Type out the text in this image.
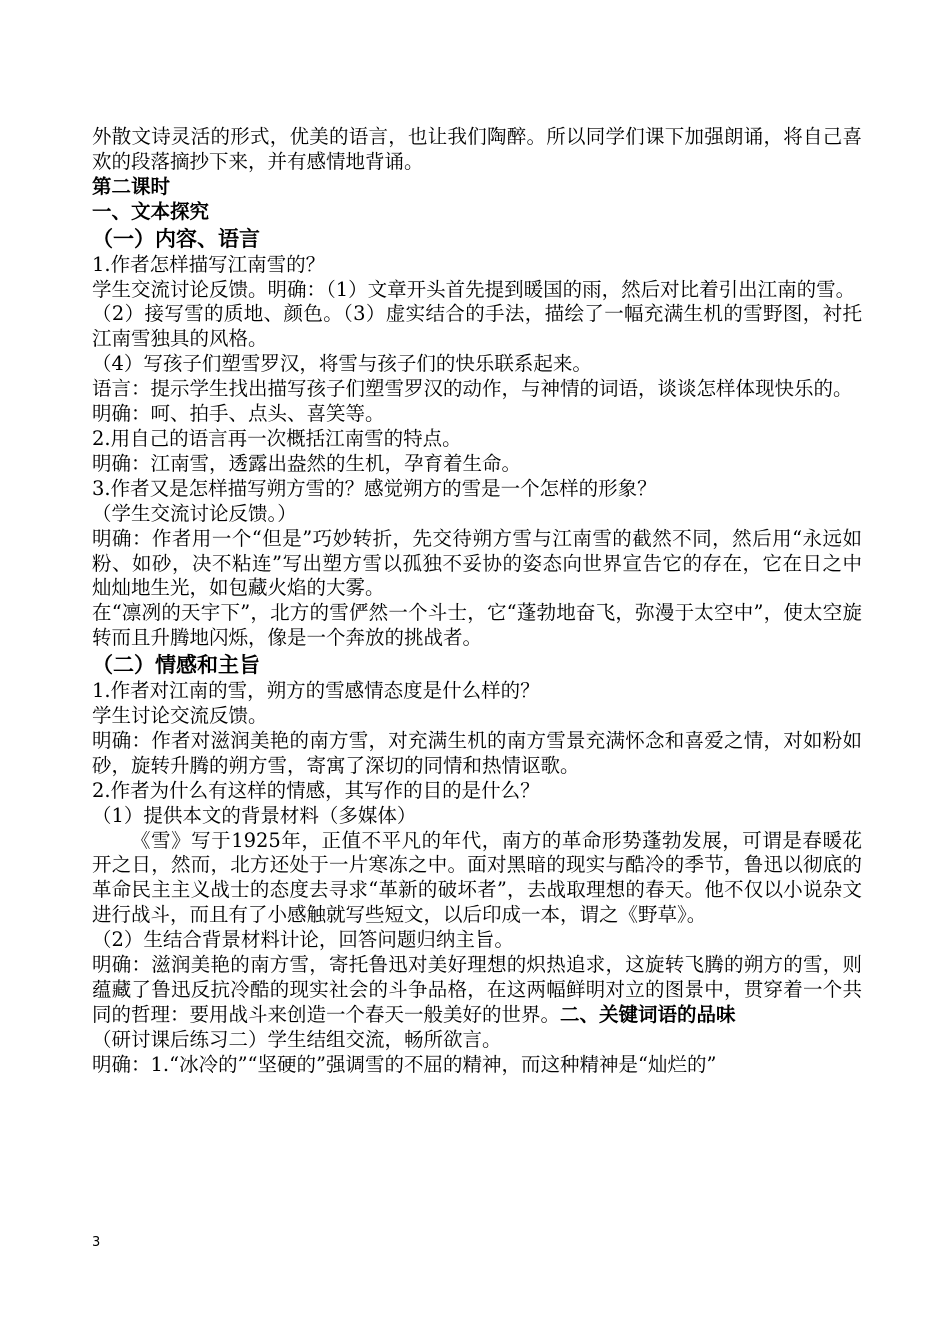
外散文诗灵活的形式，优美的语言，也让我们陶醉。所以同学们课下加强朗诵，将自己喜欢的段落摘抄下来，并有感情地背诵。

第二课时

一、文本探究

（一）内容、语言

1.作者怎样描写江南雪的？

学生交流讨论反馈。明确：（1）文章开头首先提到暖国的雨，然后对比着引出江南的雪。

（2）接写雪的质地、颜色。（3）虚实结合的手法，描绘了一幅充满生机的雪野图，衬托江南雪独具的风格。

（4）写孩子们塑雪罗汉，将雪与孩子们的快乐联系起来。

语言：提示学生找出描写孩子们塑雪罗汉的动作，与神情的词语，谈谈怎样体现快乐的。

明确：呵、拍手、点头、喜笑等。

2.用自己的语言再一次概括江南雪的特点。

明确：江南雪，透露出盎然的生机，孕育着生命。

3.作者又是怎样描写朔方雪的？感觉朔方的雪是一个怎样的形象？

（学生交流讨论反馈。）

明确：作者用一个“但是”巧妙转折，先交待朔方雪与江南雪的截然不同，然后用“永远如粉、如砂，决不粘连”写出塑方雪以孤独不妥协的姿态向世界宣告它的存在，它在日之中灿灿地生光，如包藏火焰的大雾。

在“凛冽的天宇下”，北方的雪俨然一个斗士，它“蓬勃地奋飞，弥漫于太空中”，使太空旋转而且升腾地闪烁，像是一个奔放的挑战者。

（二）情感和主旨

1.作者对江南的雪，朔方的雪感情态度是什么样的？

学生讨论交流反馈。

明确：作者对滋润美艳的南方雪，对充满生机的南方雪景充满怀念和喜爱之情，对如粉如砂，旋转升腾的朔方雪，寄寓了深切的同情和热情讴歌。

2.作者为什么有这样的情感，其写作的目的是什么？

（1）提供本文的背景材料（多媒体）

《雪》写于1925年，正值不平凡的年代，南方的革命形势蓬勃发展，可谓是春暖花开之日，然而，北方还处于一片寒冻之中。面对黑暗的现实与酷冷的季节，鲁迅以彻底的革命民主主义战士的态度去寻求“革新的破坏者”，去战取理想的春天。他不仅以小说杂文进行战斗，而且有了小感触就写些短文，以后印成一本，谓之《野草》。

（2）生结合背景材料计论，回答问题归纳主旨。

明确：滋润美艳的南方雪，寄托鲁迅对美好理想的炽热追求，这旋转飞腾的朔方的雪，则蕴藏了鲁迅反抗冷酷的现实社会的斗争品格，在这两幅鲜明对立的图景中，贯穿着一个共同的哲理：要用战斗来创造一个春天一般美好的世界。二、关键词语的品味

（研讨课后练习二）学生结组交流，畅所欲言。

明确：1.“冰冷的”“坚硬的”强调雪的不屈的精神，而这种精神是“灿烂的”

3
